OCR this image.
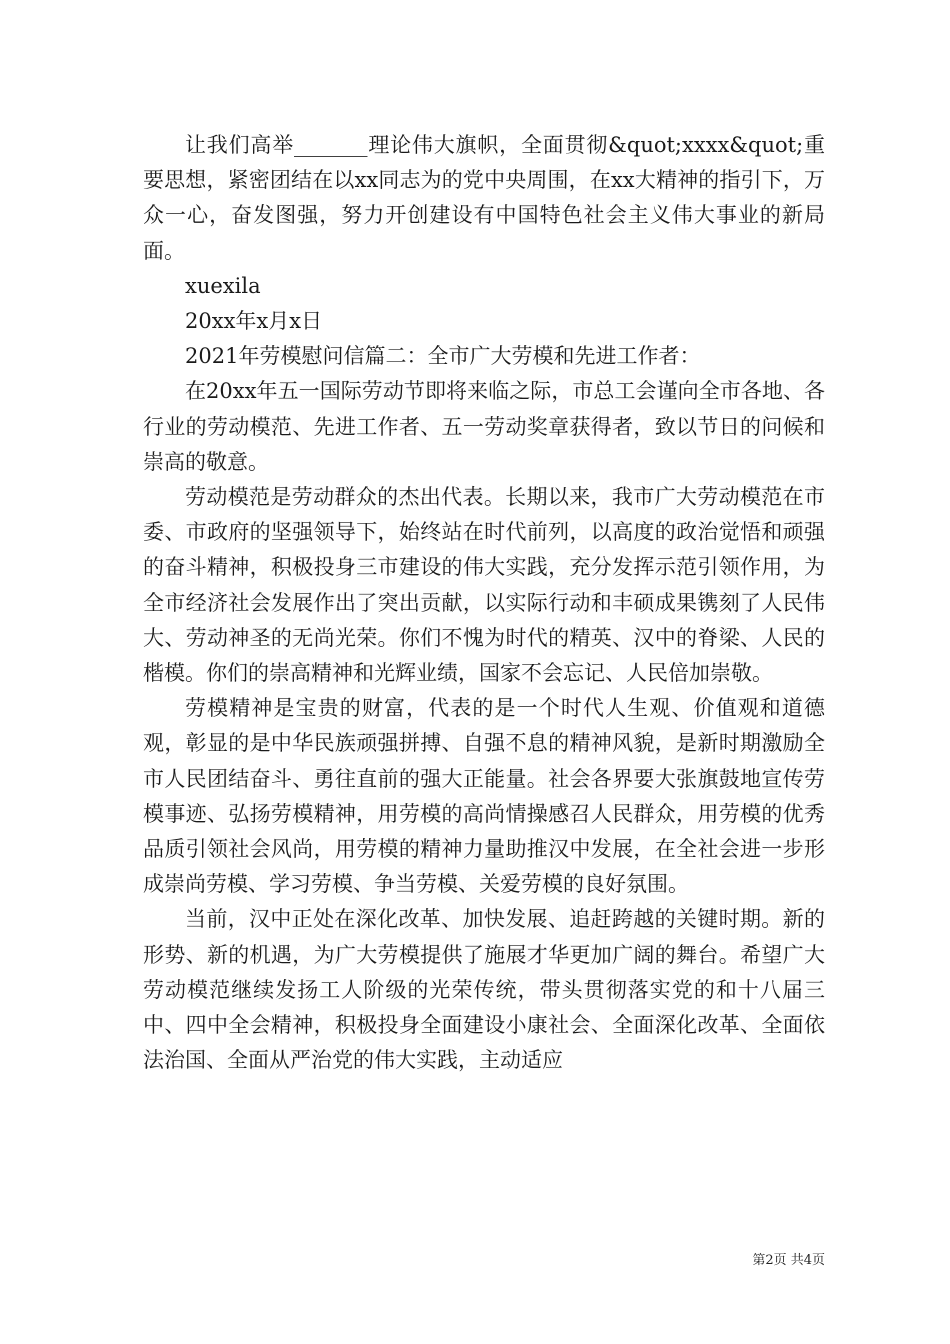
让我们高举_______理论伟大旗帜，全面贯彻&quot;xxxx&quot;重要思想，紧密团结在以xx同志为的党中央周围，在xx大精神的指引下，万众一心，奋发图强，努力开创建设有中国特色社会主义伟大事业的新局面。

xuexila

20xx年x月x日

2021年劳模慰问信篇二：全市广大劳模和先进工作者：

在20xx年五一国际劳动节即将来临之际，市总工会谨向全市各地、各行业的劳动模范、先进工作者、五一劳动奖章获得者，致以节日的问候和崇高的敬意。

劳动模范是劳动群众的杰出代表。长期以来，我市广大劳动模范在市委、市政府的坚强领导下，始终站在时代前列，以高度的政治觉悟和顽强的奋斗精神，积极投身三市建设的伟大实践，充分发挥示范引领作用，为全市经济社会发展作出了突出贡献，以实际行动和丰硕成果镌刻了人民伟大、劳动神圣的无尚光荣。你们不愧为时代的精英、汉中的脊梁、人民的楷模。你们的崇高精神和光辉业绩，国家不会忘记、人民倍加崇敬。

劳模精神是宝贵的财富，代表的是一个时代人生观、价值观和道德观，彰显的是中华民族顽强拼搏、自强不息的精神风貌，是新时期激励全市人民团结奋斗、勇往直前的强大正能量。社会各界要大张旗鼓地宣传劳模事迹、弘扬劳模精神，用劳模的高尚情操感召人民群众，用劳模的优秀品质引领社会风尚，用劳模的精神力量助推汉中发展，在全社会进一步形成崇尚劳模、学习劳模、争当劳模、关爱劳模的良好氛围。

当前，汉中正处在深化改革、加快发展、追赶跨越的关键时期。新的形势、新的机遇，为广大劳模提供了施展才华更加广阔的舞台。希望广大劳动模范继续发扬工人阶级的光荣传统，带头贯彻落实党的和十八届三中、四中全会精神，积极投身全面建设小康社会、全面深化改革、全面依法治国、全面从严治党的伟大实践，主动适应

第2页 共4页
